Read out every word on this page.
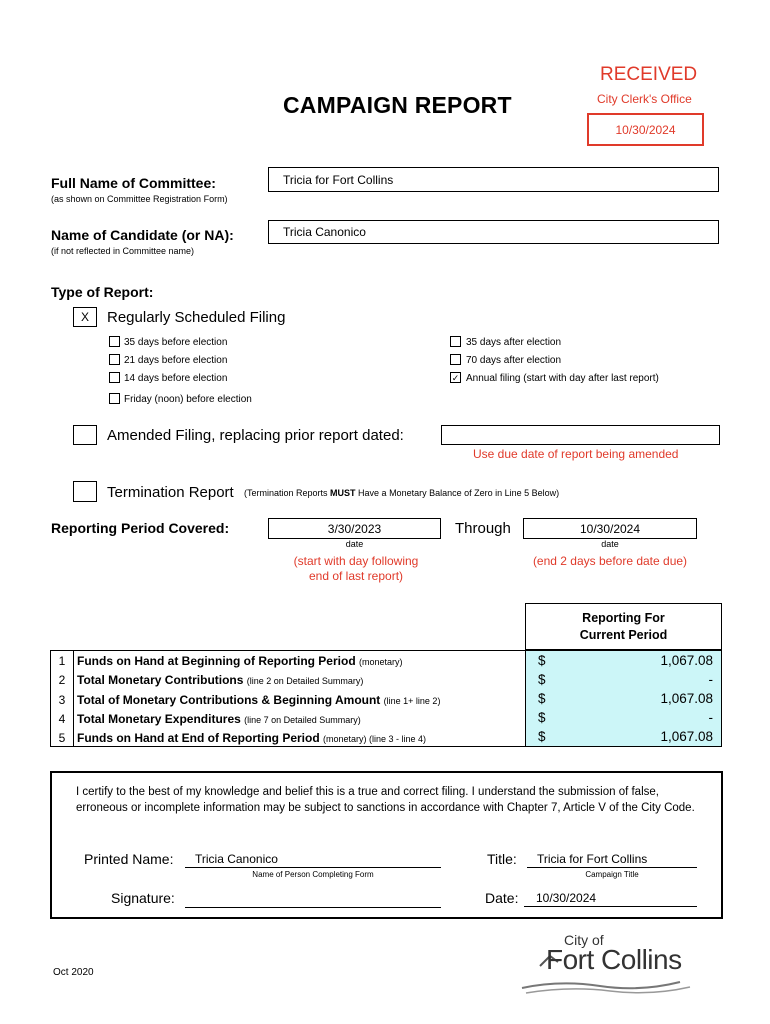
CAMPAIGN REPORT
RECEIVED
City Clerk's Office
10/30/2024
Full Name of Committee:
(as shown on Committee Registration Form)
Tricia for Fort Collins
Name of Candidate (or NA):
(if not reflected in Committee name)
Tricia Canonico
Type of Report:
X	Regularly Scheduled Filing
35 days before election
21 days before election
14 days before election
Friday (noon) before election
35 days after election
70 days after election
✓ Annual filing (start with day after last report)
Amended Filing, replacing prior report dated:
Use due date of report being amended
Termination Report (Termination Reports MUST Have a Monetary Balance of Zero in Line 5 Below)
Reporting Period Covered:	3/30/2023
date
Through	10/30/2024
date
(start with day following
end of last report)
(end 2 days before date due)
Reporting For
Current Period
1 Funds on Hand at Beginning of Reporting Period (monetary)	$	1,067.08
2 Total Monetary Contributions (line 2 on Detailed Summary)	$	-
3 Total of Monetary Contributions & Beginning Amount (line 1+ line 2)	$	1,067.08
4 Total Monetary Expenditures (line 7 on Detailed Summary)	$	-
5 Funds on Hand at End of Reporting Period (monetary) (line 3 - line 4)	$	1,067.08
I certify to the best of my knowledge and belief this is a true and correct filing. I understand the submission of false, erroneous or incomplete information may be subject to sanctions in accordance with Chapter 7, Article V of the City Code.
Printed Name:	Tricia Canonico
Name of Person Completing Form
Title:	Tricia for Fort Collins
Campaign Title
Signature:	Date:	10/30/2024
Oct 2020
City of
Fort Collins
